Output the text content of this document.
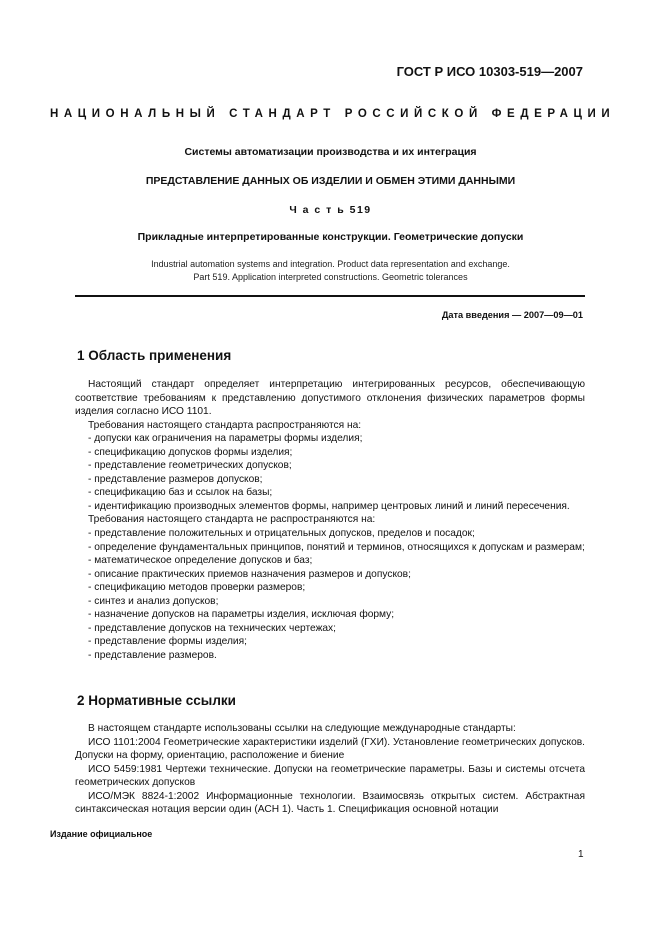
ГОСТ Р ИСО 10303-519—2007
НАЦИОНАЛЬНЫЙ СТАНДАРТ РОССИЙСКОЙ ФЕДЕРАЦИИ
Системы автоматизации производства и их интеграция
ПРЕДСТАВЛЕНИЕ ДАННЫХ ОБ ИЗДЕЛИИ И ОБМЕН ЭТИМИ ДАННЫМИ
Ч а с т ь 519
Прикладные интерпретированные конструкции. Геометрические допуски
Industrial automation systems and integration. Product data representation and exchange.
Part 519. Application interpreted constructions. Geometric tolerances
Дата введения — 2007—09—01
1 Область применения

Настоящий стандарт определяет интерпретацию интегрированных ресурсов, обеспечивающую соответствие требованиям к представлению допустимого отклонения физических параметров формы изделия согласно ИСО 1101.

Требования настоящего стандарта распространяются на:

- допуски как ограничения на параметры формы изделия;

- спецификацию допусков формы изделия;

- представление геометрических допусков;

- представление размеров допусков;

- спецификацию баз и ссылок на базы;

- идентификацию производных элементов формы, например центровых линий и линий пересечения.

Требования настоящего стандарта не распространяются на:

- представление положительных и отрицательных допусков, пределов и посадок;

- определение фундаментальных принципов, понятий и терминов, относящихся к допускам и размерам;

- математическое определение допусков и баз;

- описание практических приемов назначения размеров и допусков;

- спецификацию методов проверки размеров;

- синтез и анализ допусков;

- назначение допусков на параметры изделия, исключая форму;

- представление допусков на технических чертежах;

- представление формы изделия;

- представление размеров.

2 Нормативные ссылки

В настоящем стандарте использованы ссылки на следующие международные стандарты:

ИСО 1101:2004 Геометрические характеристики изделий (ГХИ). Установление геометрических допусков. Допуски на форму, ориентацию, расположение и биение

ИСО 5459:1981 Чертежи технические. Допуски на геометрические параметры. Базы и системы отсчета геометрических допусков

ИСО/МЭК 8824-1:2002 Информационные технологии. Взаимосвязь открытых систем. Абстрактная синтаксическая нотация версии один (АСН 1). Часть 1. Спецификация основной нотации

Издание официальное
1
